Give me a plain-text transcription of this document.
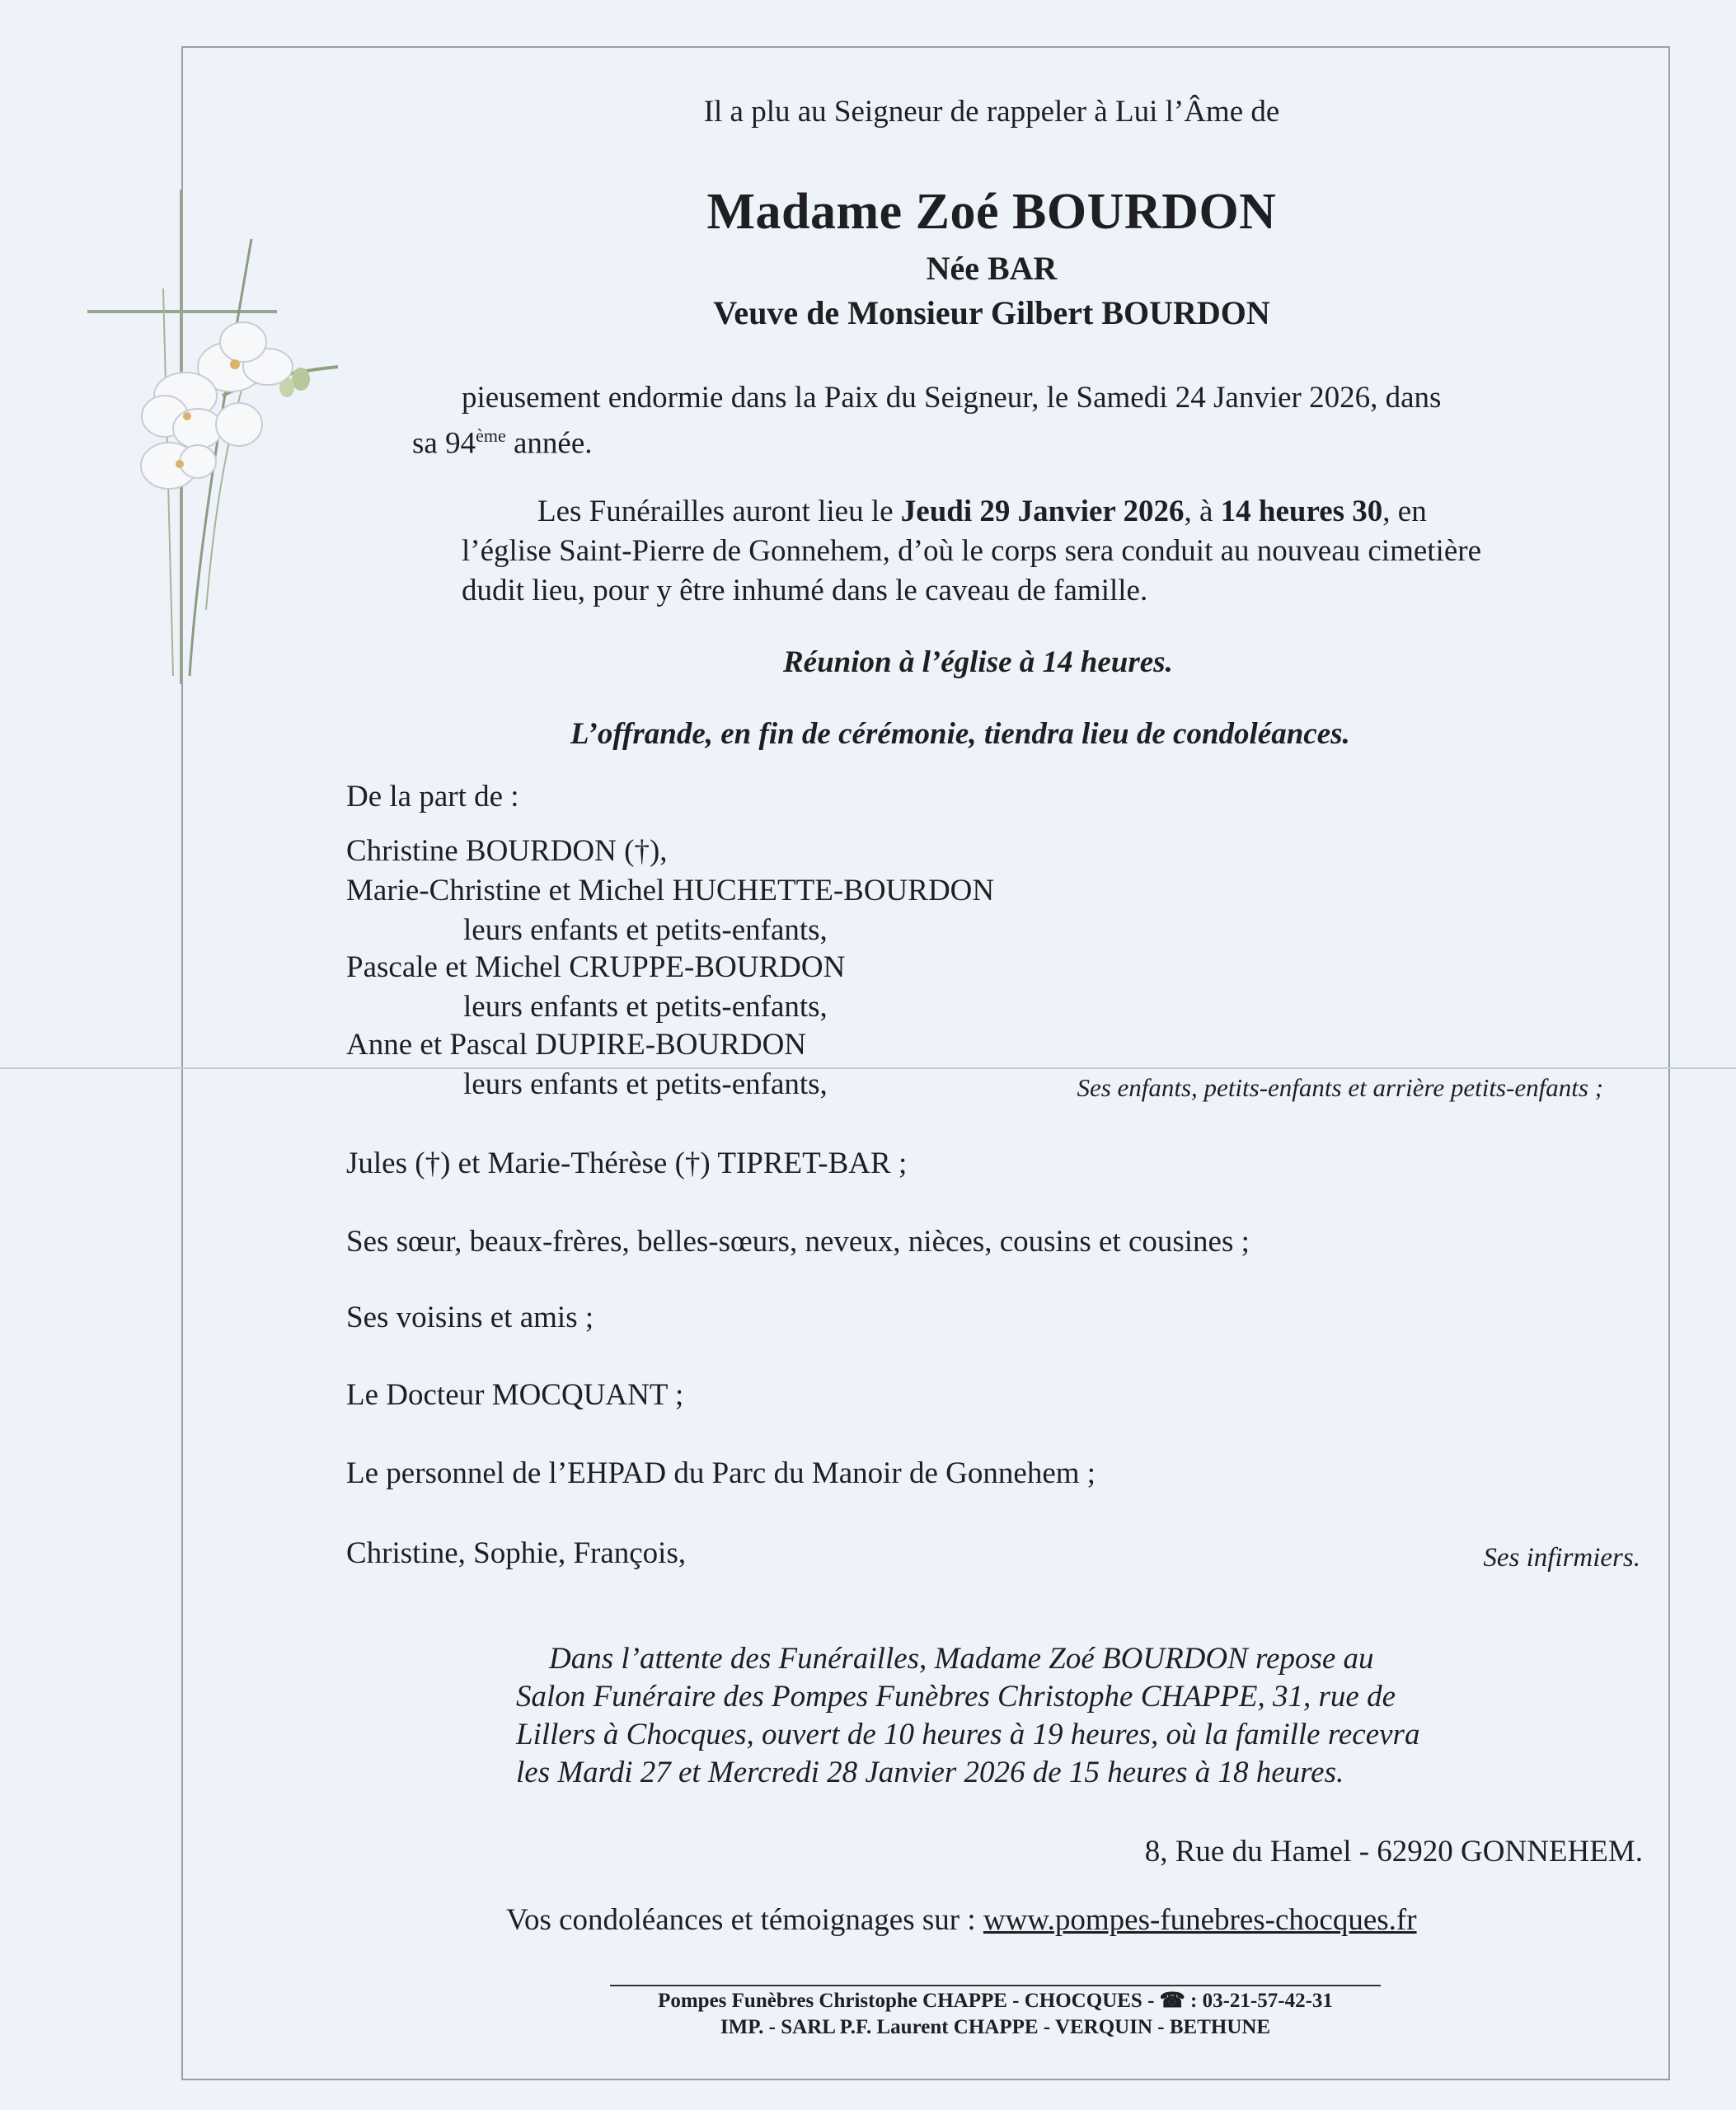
Il a plu au Seigneur de rappeler à Lui l’Âme de
Madame Zoé BOURDON
Née BAR
Veuve de Monsieur Gilbert BOURDON
pieusement endormie dans la Paix du Seigneur, le Samedi 24 Janvier 2026, dans
sa 94ème année.
Les Funérailles auront lieu le Jeudi 29 Janvier 2026, à 14 heures 30, en
l’église Saint-Pierre de Gonnehem, d’où le corps sera conduit au nouveau cimetière
dudit lieu, pour y être inhumé dans le caveau de famille.
Réunion à l’église à 14 heures.
L’offrande, en fin de cérémonie, tiendra lieu de condoléances.
De la part de :
Christine BOURDON (†),
Marie-Christine et Michel HUCHETTE-BOURDON
leurs enfants et petits-enfants,
Pascale et Michel CRUPPE-BOURDON
leurs enfants et petits-enfants,
Anne et Pascal DUPIRE-BOURDON
leurs enfants et petits-enfants,	Ses enfants, petits-enfants et arrière petits-enfants ;
Jules (†) et Marie-Thérèse (†) TIPRET-BAR ;
Ses sœur, beaux-frères, belles-sœurs, neveux, nièces, cousins et cousines ;
Ses voisins et amis ;
Le Docteur MOCQUANT ;
Le personnel de l’EHPAD du Parc du Manoir de Gonnehem ;
Christine, Sophie, François,	Ses infirmiers.
Dans l’attente des Funérailles, Madame Zoé BOURDON repose au
Salon Funéraire des Pompes Funèbres Christophe CHAPPE, 31, rue de
Lillers à Chocques, ouvert de 10 heures à 19 heures, où la famille recevra
les Mardi 27 et Mercredi 28 Janvier 2026 de 15 heures à 18 heures.
8, Rue du Hamel - 62920 GONNEHEM.
Vos condoléances et témoignages sur : www.pompes-funebres-chocques.fr
Pompes Funèbres Christophe CHAPPE - CHOCQUES - ☎ : 03-21-57-42-31
IMP. - SARL P.F. Laurent CHAPPE - VERQUIN - BETHUNE
